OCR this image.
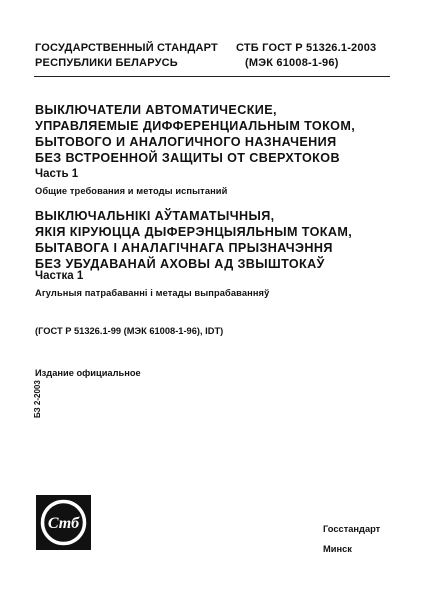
ГОСУДАРСТВЕННЫЙ СТАНДАРТ
РЕСПУБЛИКИ БЕЛАРУСЬ
СТБ ГОСТ Р 51326.1-2003
(МЭК 61008-1-96)
ВЫКЛЮЧАТЕЛИ АВТОМАТИЧЕСКИЕ,
УПРАВЛЯЕМЫЕ ДИФФЕРЕНЦИАЛЬНЫМ ТОКОМ,
БЫТОВОГО И АНАЛОГИЧНОГО НАЗНАЧЕНИЯ
БЕЗ ВСТРОЕННОЙ ЗАЩИТЫ ОТ СВЕРХТОКОВ
Часть 1
Общие требования и методы испытаний
ВЫКЛЮЧАЛЬНІКІ АЎТАМАТЫЧНЫЯ,
ЯКІЯ КІРУЮЦЦА ДЫФЕРЭНЦЫЯЛЬНЫМ ТОКАМ,
БЫТАВОГА І АНАЛАГІЧНАГА ПРЫЗНАЧЭННЯ
БЕЗ УБУДАВАНАЙ АХОВЫ АД ЗВЫШТОКАЎ
Частка 1
Агульныя патрабаванні і метады выпрабаванняў
(ГОСТ Р 51326.1-99 (МЭК 61008-1-96), IDT)
Издание официальное
БЗ 2-2003
Стб	Госстандарт
Минск
